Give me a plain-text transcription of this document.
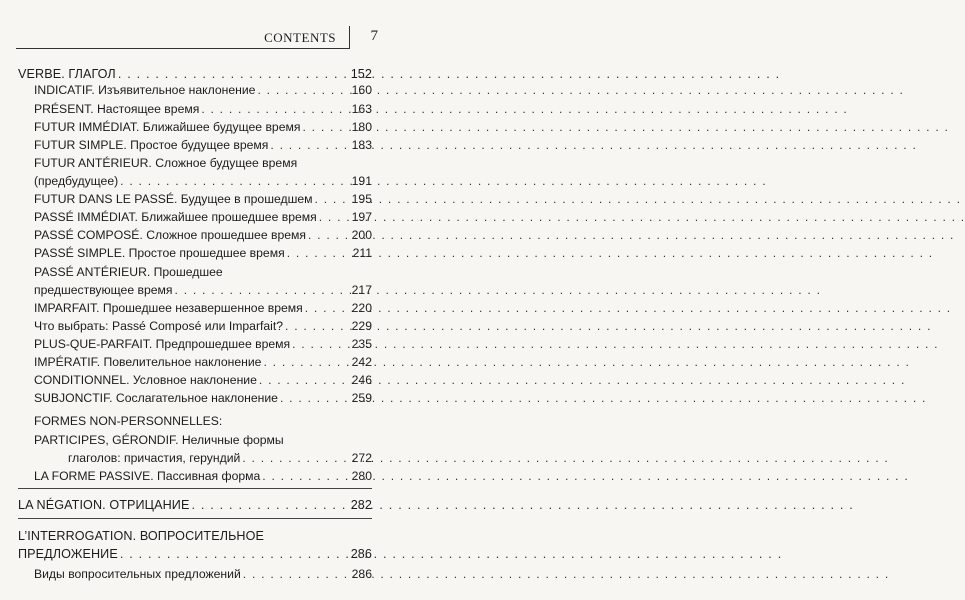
CONTENTS 7
VERBE. ГЛАГОЛ . . .	152
INDICATIF. Изъявительное наклонение . . .	160
PRÉSENT. Настоящее время . . .	163
FUTUR IMMÉDIAT. Ближайшее будущее время . . .	180
FUTUR SIMPLE. Простое будущее время . . .	183
FUTUR ANTÉRIEUR. Сложное будущее время
(предбудущее) . . .	191
FUTUR DANS LE PASSÉ. Будущее в прошедшем . . .	195
PASSÉ IMMÉDIAT. Ближайшее прошедшее время . . .	197
PASSÉ COMPOSÉ. Сложное прошедшее время . . .	200
PASSÉ SIMPLE. Простое прошедшее время . . .	211
PASSÉ ANTÉRIEUR. Прошедшее
предшествующее время . . .	217
IMPARFAIT. Прошедшее незавершенное время . . .	220
Что выбрать: Passé Composé или Imparfait? . . .	229
PLUS-QUE-PARFAIT. Предпрошедшее время . . .	235
IMPÉRATIF. Повелительное наклонение . . .	242
CONDITIONNEL. Условное наклонение . . .	246
SUBJONCTIF. Сослагательное наклонение . . .	259
FORMES NON-PERSONNELLES:
PARTICIPES, GÉRONDIF. Неличные формы
глаголов: причастия, герундий . . .	272
LA FORME PASSIVE. Пассивная форма . . .	280
LA NÉGATION. ОТРИЦАНИЕ . . .	282
L’INTERROGATION. ВОПРОСИТЕЛЬНОЕ
ПРЕДЛОЖЕНИЕ . . .	286
Виды вопросительных предложений . . .	286
